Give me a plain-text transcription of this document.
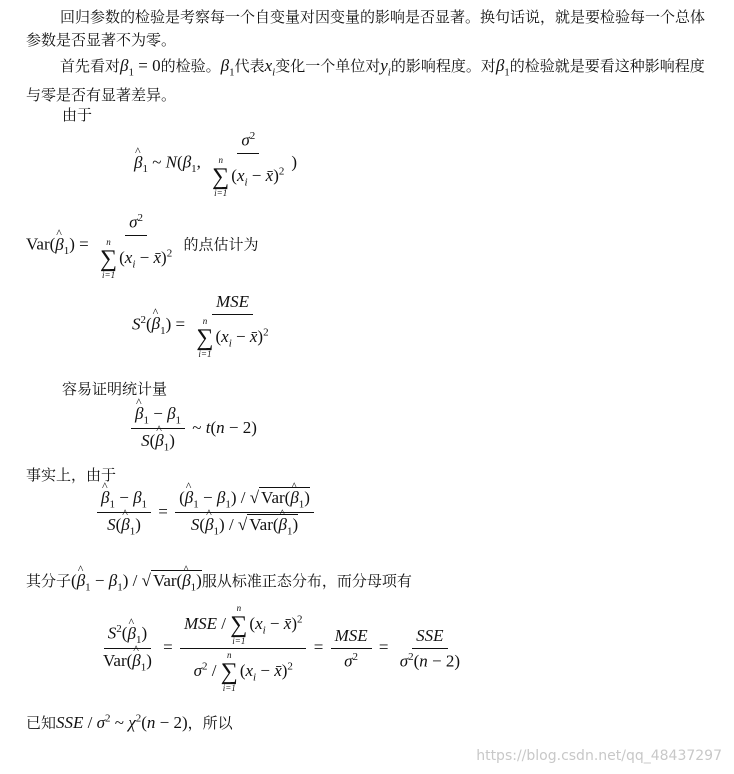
回归参数的检验是考察每一个自变量对因变量的影响是否显著。换句话说，就是要检验每一个总体参数是否显著不为零。
首先看对$\beta_1 = 0$的检验。$\beta_1$代表$x_i$变化一个单位对$y_i$的影响程度。对$\beta_1$的检验就是要看这种影响程度与零是否有显著差异。
由于
^ $\beta_1$ ~ $N(\beta_1$, $\sigma^2$
n
∑
i=1
($x_i$ − x̄)$^2$ )
Var(^ $\beta_1) = \sigma^2$
n
∑
i=1
($x_i$ − x̄)$^2$ 的点估计为
$S^2(\^{}$ $\beta_1$) = MSE
n
∑
i=1
($x_i$ − x̄)$^2$
容易证明统计量
^ $\frac{\beta_1 - \beta_1}{S(\^{} \beta_1)}$ ~ t(n − 2)
事实上，由于
^ $\frac{\beta_1 - \beta_1}{S(\^{} \beta_1)} = \frac{(\^{} \beta_1 - \beta_1) / √ Var(\^{} \beta_1)}{S(\^{} \beta_1) / √ Var(\^{} \beta_1)}$
其分子(^ $\beta_1 - \beta_1$) / √ Var(^ $\beta_1$)服从标准正态分布，而分母项有
$\frac{S^2(\^{} \beta_1)}{Var(\^{} \beta_1)}$ = MSE /
n
∑
i=1
($x_i$ − x̄)$^2$
$\sigma^2$ /
n
∑
i=1
($x_i$ − x̄)$^2$ = $\frac{\text{MSE}}{\sigma^2} = \frac{\text{SSE}}{\sigma^2(n - 2)}$
已知SSE / $\sigma^2$ ~ $\chi^2(n - 2)$，所以
https://blog.csdn.net/qq_48437297
